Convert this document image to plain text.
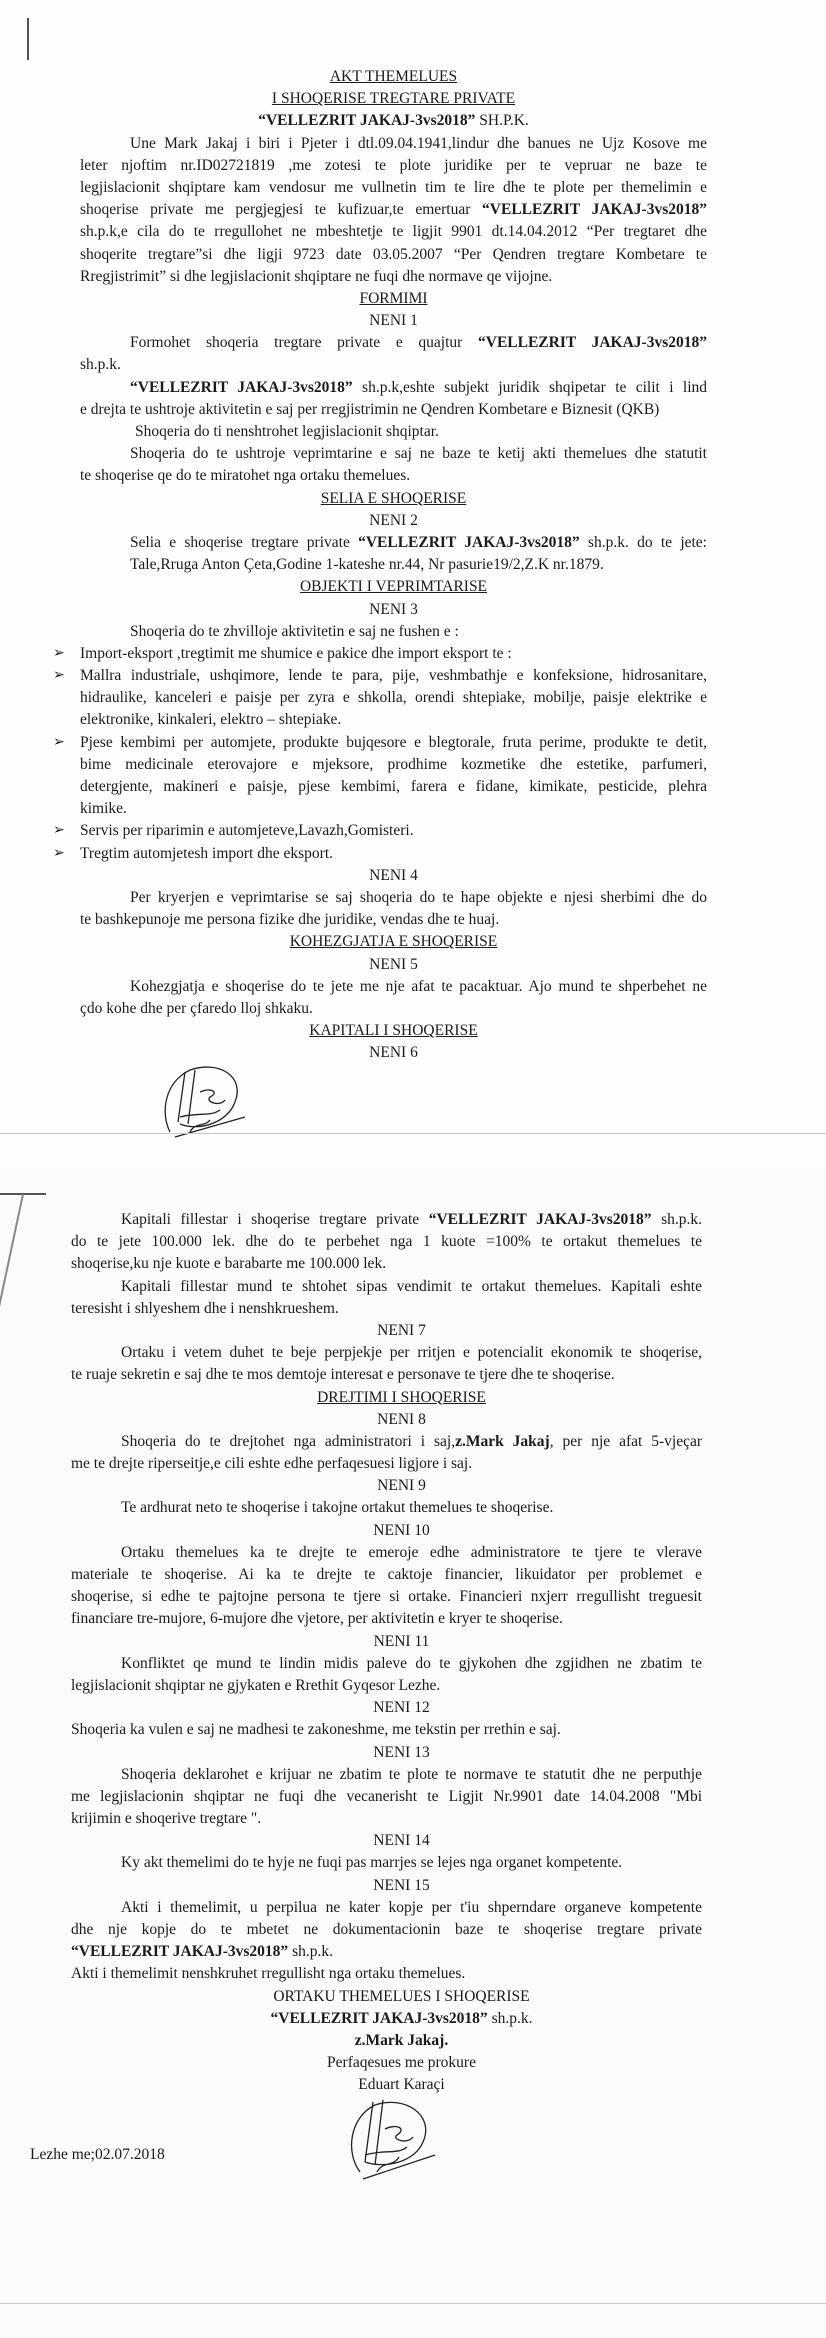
AKT THEMELUES
I SHOQERISE TREGTARE PRIVATE
“VELLEZRIT JAKAJ-3vs2018” SH.P.K.
Une Mark Jakaj i biri i Pjeter i dtl.09.04.1941,lindur dhe banues ne Ujz Kosove me
leter njoftim nr.ID02721819 ,me zotesi te plote juridike per te vepruar ne baze te
legjislacionit shqiptare kam vendosur me vullnetin tim te lire dhe te plote per themelimin e
shoqerise private me pergjegjesi te kufizuar,te emertuar “VELLEZRIT JAKAJ-3vs2018”
sh.p.k,e cila do te rregullohet ne mbeshtetje te ligjit 9901 dt.14.04.2012 “Per tregtaret dhe
shoqerite tregtare”si dhe ligji 9723 date 03.05.2007 “Per Qendren tregtare Kombetare te
Rregjistrimit” si dhe legjislacionit shqiptare ne fuqi dhe normave qe vijojne.
FORMIMI
NENI 1
Formohet shoqeria tregtare private e quajtur “VELLEZRIT JAKAJ-3vs2018”
sh.p.k.
“VELLEZRIT JAKAJ-3vs2018” sh.p.k,eshte subjekt juridik shqipetar te cilit i lind
e drejta te ushtroje aktivitetin e saj per rregjistrimin ne Qendren Kombetare e Biznesit (QKB)
Shoqeria do ti nenshtrohet legjislacionit shqiptar.
Shoqeria do te ushtroje veprimtarine e saj ne baze te ketij akti themelues dhe statutit
te shoqerise qe do te miratohet nga ortaku themelues.
SELIA E SHOQERISE
NENI 2
Selia e shoqerise tregtare private “VELLEZRIT JAKAJ-3vs2018” sh.p.k. do te jete:
Tale,Rruga Anton Çeta,Godine 1-kateshe nr.44, Nr pasurie19/2,Z.K nr.1879.
OBJEKTI I VEPRIMTARISE
NENI 3
Shoqeria do te zhvilloje aktivitetin e saj ne fushen e :
➢ Import-eksport ,tregtimit me shumice e pakice dhe import eksport te :
➢ Mallra industriale, ushqimore, lende te para, pije, veshmbathje e konfeksione, hidrosanitare,
hidraulike, kanceleri e paisje per zyra e shkolla, orendi shtepiake, mobilje, paisje elektrike e
elektronike, kinkaleri, elektro – shtepiake.
➢ Pjese kembimi per automjete, produkte bujqesore e blegtorale, fruta perime, produkte te detit,
bime medicinale eterovajore e mjeksore, prodhime kozmetike dhe estetike, parfumeri,
detergjente, makineri e paisje, pjese kembimi, farera e fidane, kimikate, pesticide, plehra
kimike.
➢ Servis per riparimin e automjeteve,Lavazh,Gomisteri.
➢ Tregtim automjetesh import dhe eksport.
NENI 4
Per kryerjen e veprimtarise se saj shoqeria do te hape objekte e njesi sherbimi dhe do
te bashkepunoje me persona fizike dhe juridike, vendas dhe te huaj.
KOHEZGJATJA E SHOQERISE
NENI 5
Kohezgjatja e shoqerise do te jete me nje afat te pacaktuar. Ajo mund te shperbehet ne
çdo kohe dhe per çfaredo lloj shkaku.
KAPITALI I SHOQERISE
NENI 6
Kapitali fillestar i shoqerise tregtare private “VELLEZRIT JAKAJ-3vs2018” sh.p.k.
do te jete 100.000 lek. dhe do te perbehet nga 1 kuote =100% te ortakut themelues te
shoqerise,ku nje kuote e barabarte me 100.000 lek.
Kapitali fillestar mund te shtohet sipas vendimit te ortakut themelues. Kapitali eshte
teresisht i shlyeshem dhe i nenshkrueshem.
NENI 7
Ortaku i vetem duhet te beje perpjekje per rritjen e potencialit ekonomik te shoqerise,
te ruaje sekretin e saj dhe te mos demtoje interesat e personave te tjere dhe te shoqerise.
DREJTIMI I SHOQERISE
NENI 8
Shoqeria do te drejtohet nga administratori i saj,z.Mark Jakaj, per nje afat 5-vjeçar
me te drejte riperseitje,e cili eshte edhe perfaqesuesi ligjore i saj.
NENI 9
Te ardhurat neto te shoqerise i takojne ortakut themelues te shoqerise.
NENI 10
Ortaku themelues ka te drejte te emeroje edhe administratore te tjere te vlerave
materiale te shoqerise. Ai ka te drejte te caktoje financier, likuidator per problemet e
shoqerise, si edhe te pajtojne persona te tjere si ortake. Financieri nxjerr rregullisht treguesit
financiare tre-mujore, 6-mujore dhe vjetore, per aktivitetin e kryer te shoqerise.
NENI 11
Konfliktet qe mund te lindin midis paleve do te gjykohen dhe zgjidhen ne zbatim te
legjislacionit shqiptar ne gjykaten e Rrethit Gyqesor Lezhe.
NENI 12
Shoqeria ka vulen e saj ne madhesi te zakoneshme, me tekstin per rrethin e saj.
NENI 13
Shoqeria deklarohet e krijuar ne zbatim te plote te normave te statutit dhe ne perputhje
me legjislacionin shqiptar ne fuqi dhe vecanerisht te Ligjit Nr.9901 date 14.04.2008 "Mbi
krijimin e shoqerive tregtare ".
NENI 14
Ky akt themelimi do te hyje ne fuqi pas marrjes se lejes nga organet kompetente.
NENI 15
Akti i themelimit, u perpilua ne kater kopje per t'iu shperndare organeve kompetente
dhe nje kopje do te mbetet ne dokumentacionin baze te shoqerise tregtare private
“VELLEZRIT JAKAJ-3vs2018” sh.p.k.
Akti i themelimit nenshkruhet rregullisht nga ortaku themelues.
ORTAKU THEMELUES I SHOQERISE
“VELLEZRIT JAKAJ-3vs2018” sh.p.k.
z.Mark Jakaj.
Perfaqesues me prokure
Eduart Karaçi
Lezhe me;02.07.2018
